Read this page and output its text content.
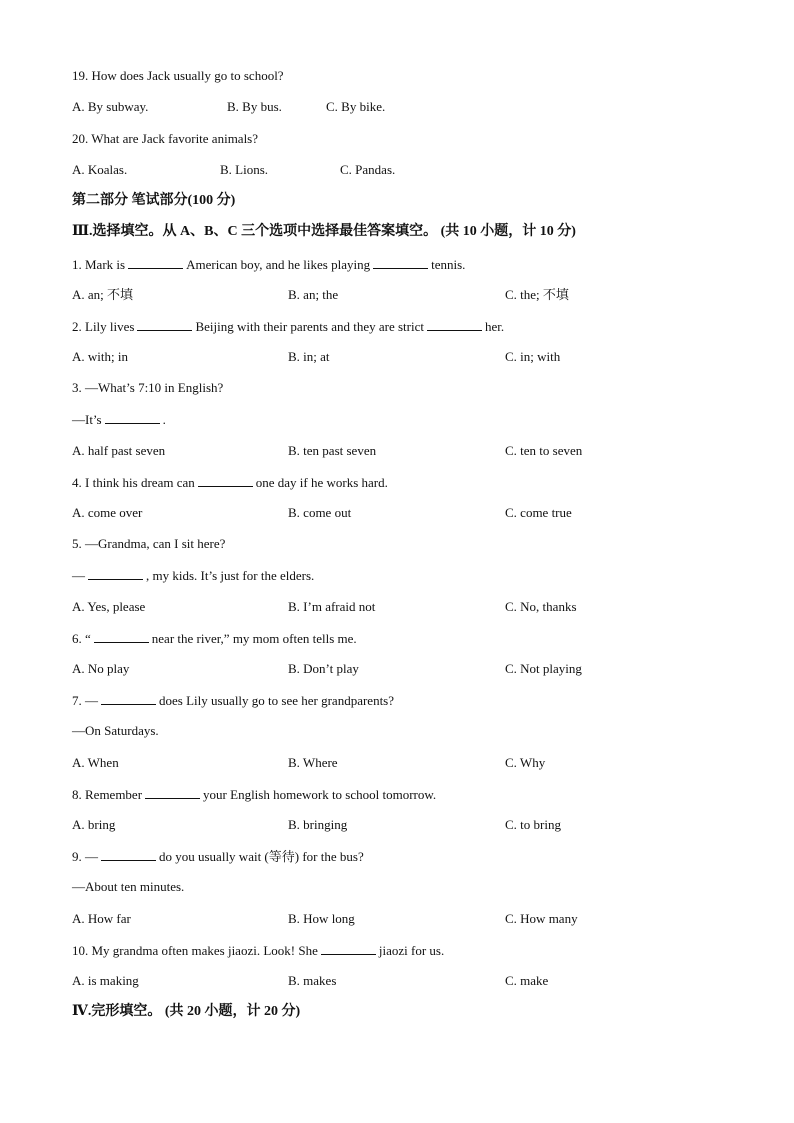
19. How does Jack usually go to school?
A. By subway.	B. By bus.	C. By bike.
20. What are Jack favorite animals?
A. Koalas.	B. Lions.	C. Pandas.
第二部分 笔试部分(100 分)
Ⅲ.选择填空。从 A、B、C 三个选项中选择最佳答案填空。 (共 10 小题，计 10 分)
1. Mark is	American boy, and he likes playing	tennis.
A. an; 不填	B. an; the	C. the; 不填
2. Lily lives	Beijing with their parents and they are strict	her.
A. with; in	B. in; at	C. in; with
3. —What’s 7:10 in English?
—It’s	.
A. half past seven	B. ten past seven	C. ten to seven
4. I think his dream can	one day if he works hard.
A. come over	B. come out	C. come true
5. —Grandma, can I sit here?
—	, my kids. It’s just for the elders.
A. Yes, please	B. I’m afraid not	C. No, thanks
6. “	near the river,” my mom often tells me.
A. No play	B. Don’t play	C. Not playing
7. —	does Lily usually go to see her grandparents?
—On Saturdays.
A. When	B. Where	C. Why
8. Remember	your English homework to school tomorrow.
A. bring	B. bringing	C. to bring
9. —	do you usually wait (等待) for the bus?
—About ten minutes.
A. How far	B. How long	C. How many
10. My grandma often makes jiaozi. Look! She	jiaozi for us.
A. is making	B. makes	C. make
Ⅳ.完形填空。 (共 20 小题，计 20 分)
